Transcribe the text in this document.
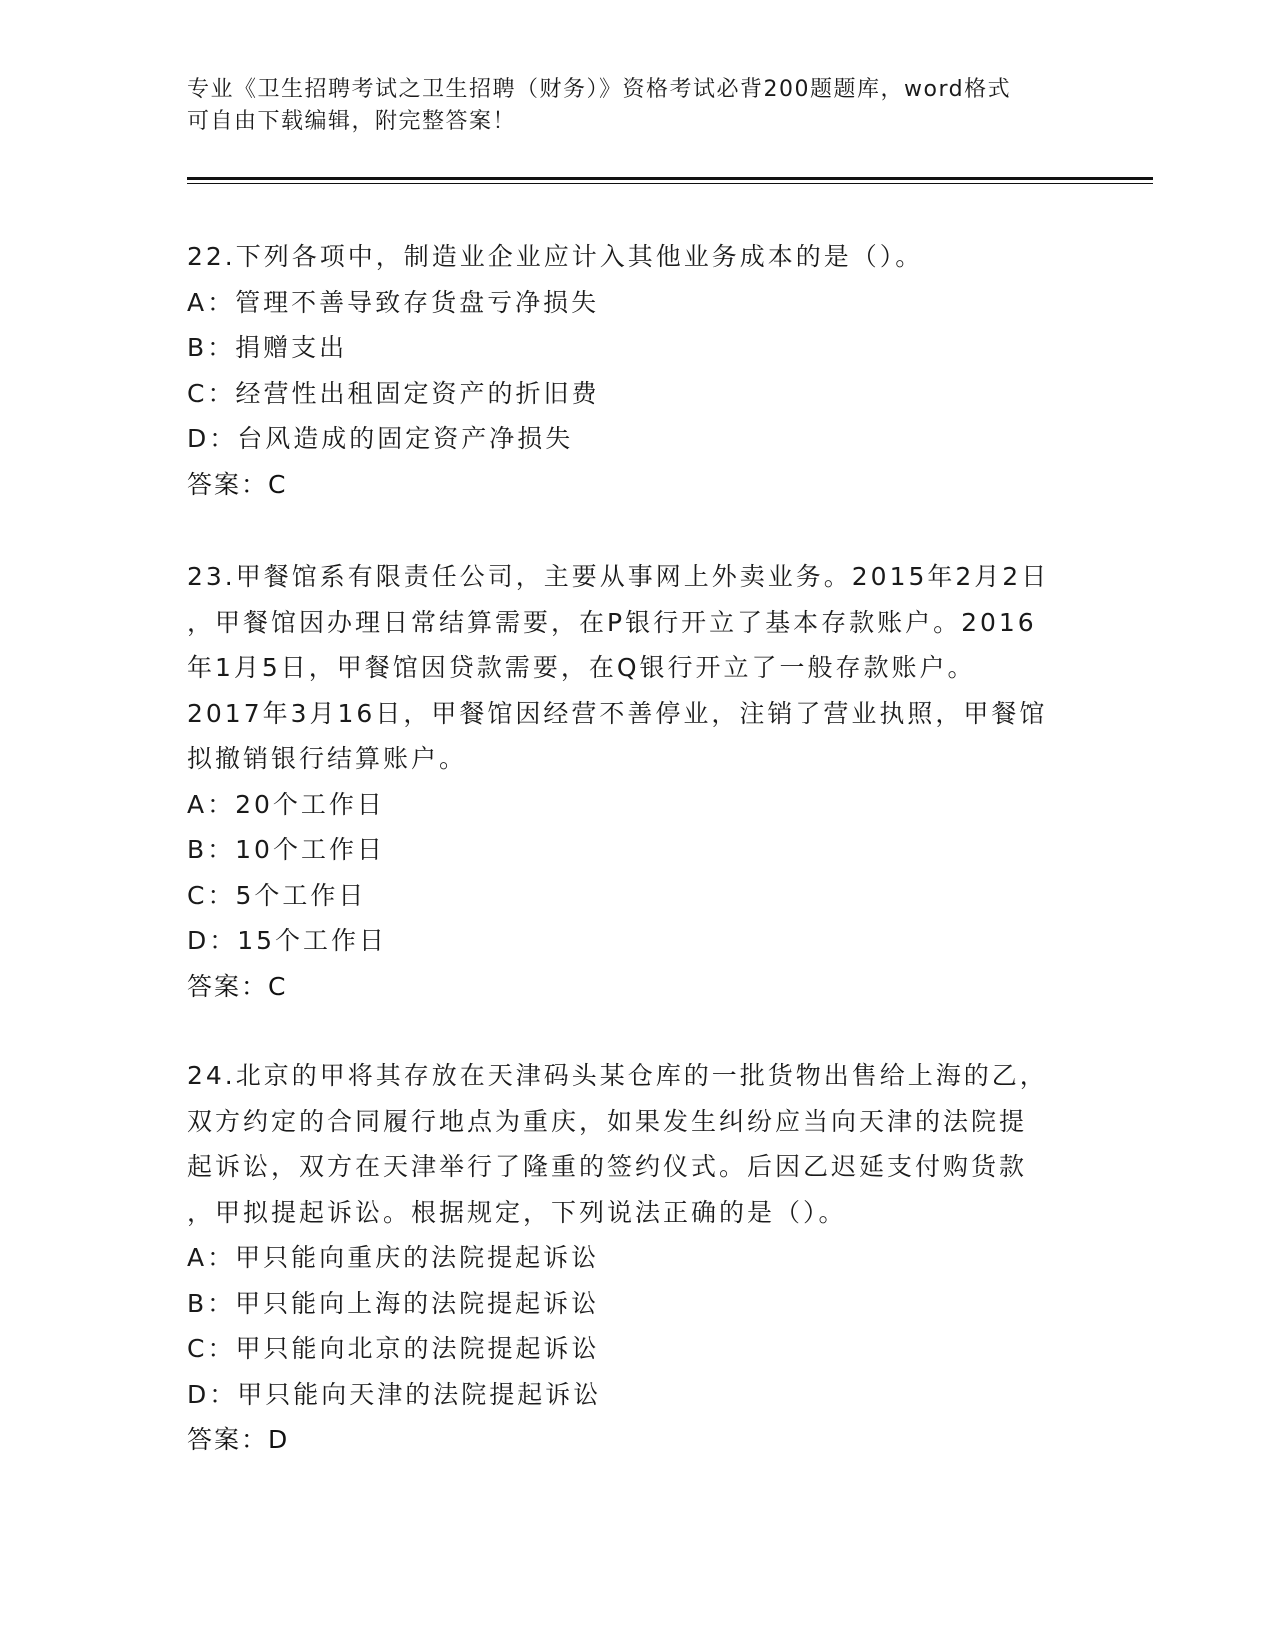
专业《卫生招聘考试之卫生招聘（财务）》资格考试必背200题题库，word格式
可自由下载编辑，附完整答案！
22.下列各项中，制造业企业应计入其他业务成本的是（）。
A：管理不善导致存货盘亏净损失
B：捐赠支出
C：经营性出租固定资产的折旧费
D：台风造成的固定资产净损失
答案：C
23.甲餐馆系有限责任公司，主要从事网上外卖业务。2015年2月2日
，甲餐馆因办理日常结算需要，在P银行开立了基本存款账户。2016
年1月5日，甲餐馆因贷款需要，在Q银行开立了一般存款账户。
2017年3月16日，甲餐馆因经营不善停业，注销了营业执照，甲餐馆
拟撤销银行结算账户。
A：20个工作日
B：10个工作日
C：5个工作日
D：15个工作日
答案：C
24.北京的甲将其存放在天津码头某仓库的一批货物出售给上海的乙，
双方约定的合同履行地点为重庆，如果发生纠纷应当向天津的法院提
起诉讼，双方在天津举行了隆重的签约仪式。后因乙迟延支付购货款
，甲拟提起诉讼。根据规定，下列说法正确的是（）。
A：甲只能向重庆的法院提起诉讼
B：甲只能向上海的法院提起诉讼
C：甲只能向北京的法院提起诉讼
D：甲只能向天津的法院提起诉讼
答案：D
